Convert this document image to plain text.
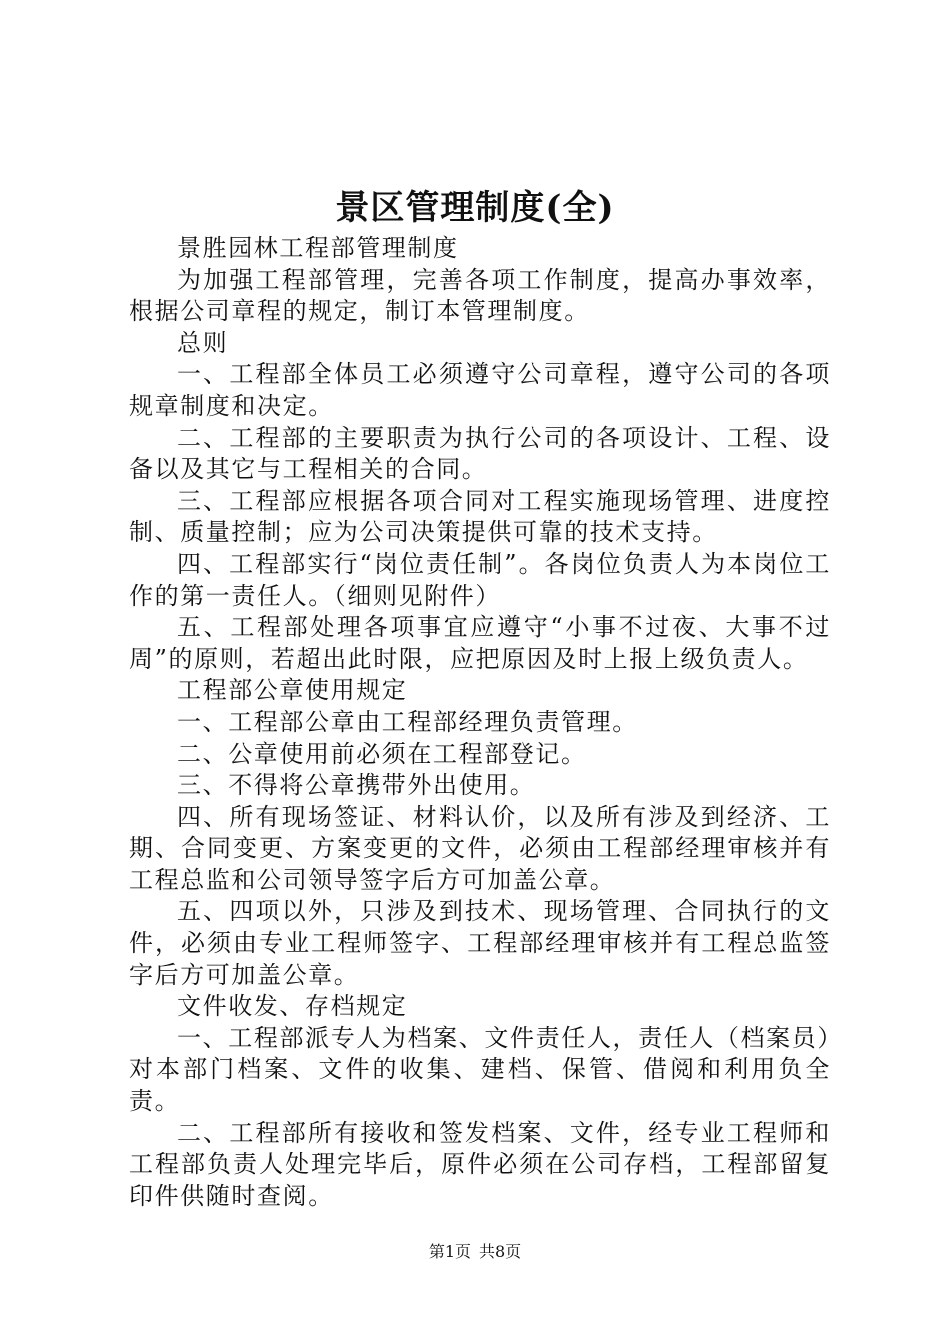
景区管理制度(全)

景胜园林工程部管理制度

为加强工程部管理，完善各项工作制度，提高办事效率，根据公司章程的规定，制订本管理制度。

总则

一、工程部全体员工必须遵守公司章程，遵守公司的各项规章制度和决定。

二、工程部的主要职责为执行公司的各项设计、工程、设备以及其它与工程相关的合同。

三、工程部应根据各项合同对工程实施现场管理、进度控制、质量控制；应为公司决策提供可靠的技术支持。

四、工程部实行“岗位责任制”。各岗位负责人为本岗位工作的第一责任人。（细则见附件）

五、工程部处理各项事宜应遵守“小事不过夜、大事不过周”的原则，若超出此时限，应把原因及时上报上级负责人。

工程部公章使用规定

一、工程部公章由工程部经理负责管理。

二、公章使用前必须在工程部登记。

三、不得将公章携带外出使用。

四、所有现场签证、材料认价，以及所有涉及到经济、工期、合同变更、方案变更的文件，必须由工程部经理审核并有工程总监和公司领导签字后方可加盖公章。

五、四项以外，只涉及到技术、现场管理、合同执行的文件，必须由专业工程师签字、工程部经理审核并有工程总监签字后方可加盖公章。

文件收发、存档规定

一、工程部派专人为档案、文件责任人，责任人（档案员）对本部门档案、文件的收集、建档、保管、借阅和利用负全责。

二、工程部所有接收和签发档案、文件，经专业工程师和工程部负责人处理完毕后，原件必须在公司存档，工程部留复印件供随时查阅。

第1页 共8页
